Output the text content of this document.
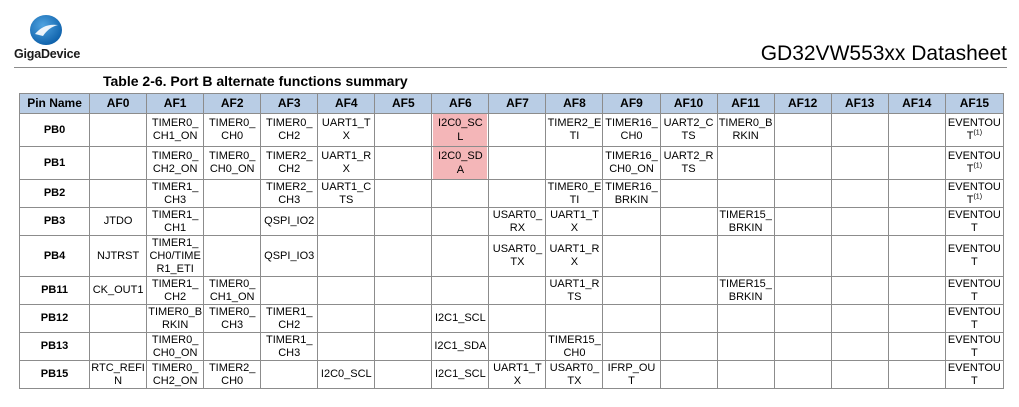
GigaDevice	GD32VW553xx Datasheet
Table 2-6. Port B alternate functions summary
Pin Name	AF0	AF1	AF2	AF3	AF4	AF5	AF6	AF7	AF8	AF9	AF10	AF11	AF12	AF13	AF14	AF15
PB0		TIMER0_CH1_ON	TIMER0_CH0	TIMER0_CH2	UART1_TX		I2C0_SCL		TIMER2_ETI	TIMER16_CH0	UART2_CTS	TIMER0_BRKIN				EVENTOUT$^{(1)}$
PB1		TIMER0_CH2_ON	TIMER0_CH0_ON	TIMER2_CH2	UART1_RX		I2C0_SDA			TIMER16_CH0_ON	UART2_RTS					EVENTOUT$^{(1)}$
PB2		TIMER1_CH3		TIMER2_CH3	UART1_CTS				TIMER0_ETI	TIMER16_BRKIN						EVENTOUT$^{(1)}$
PB3	JTDO	TIMER1_CH1		QSPI_IO2				USART0_RX	UART1_TX			TIMER15_BRKIN				EVENTOUT
PB4	NJTRST	TIMER1_CH0/TIMER1_ETI		QSPI_IO3				USART0_TX	UART1_RX							EVENTOUT
PB11	CK_OUT1	TIMER1_CH2	TIMER0_CH1_ON						UART1_RTS			TIMER15_BRKIN				EVENTOUT
PB12		TIMER0_BRKIN	TIMER0_CH3	TIMER1_CH2			I2C1_SCL									EVENTOUT
PB13		TIMER0_CH0_ON		TIMER1_CH3			I2C1_SDA		TIMER15_CH0							EVENTOUT
PB15	RTC_REFIN	TIMER0_CH2_ON	TIMER2_CH0		I2C0_SCL		I2C1_SCL	UART1_TX	USART0_TX	IFRP_OUT						EVENTOUT
